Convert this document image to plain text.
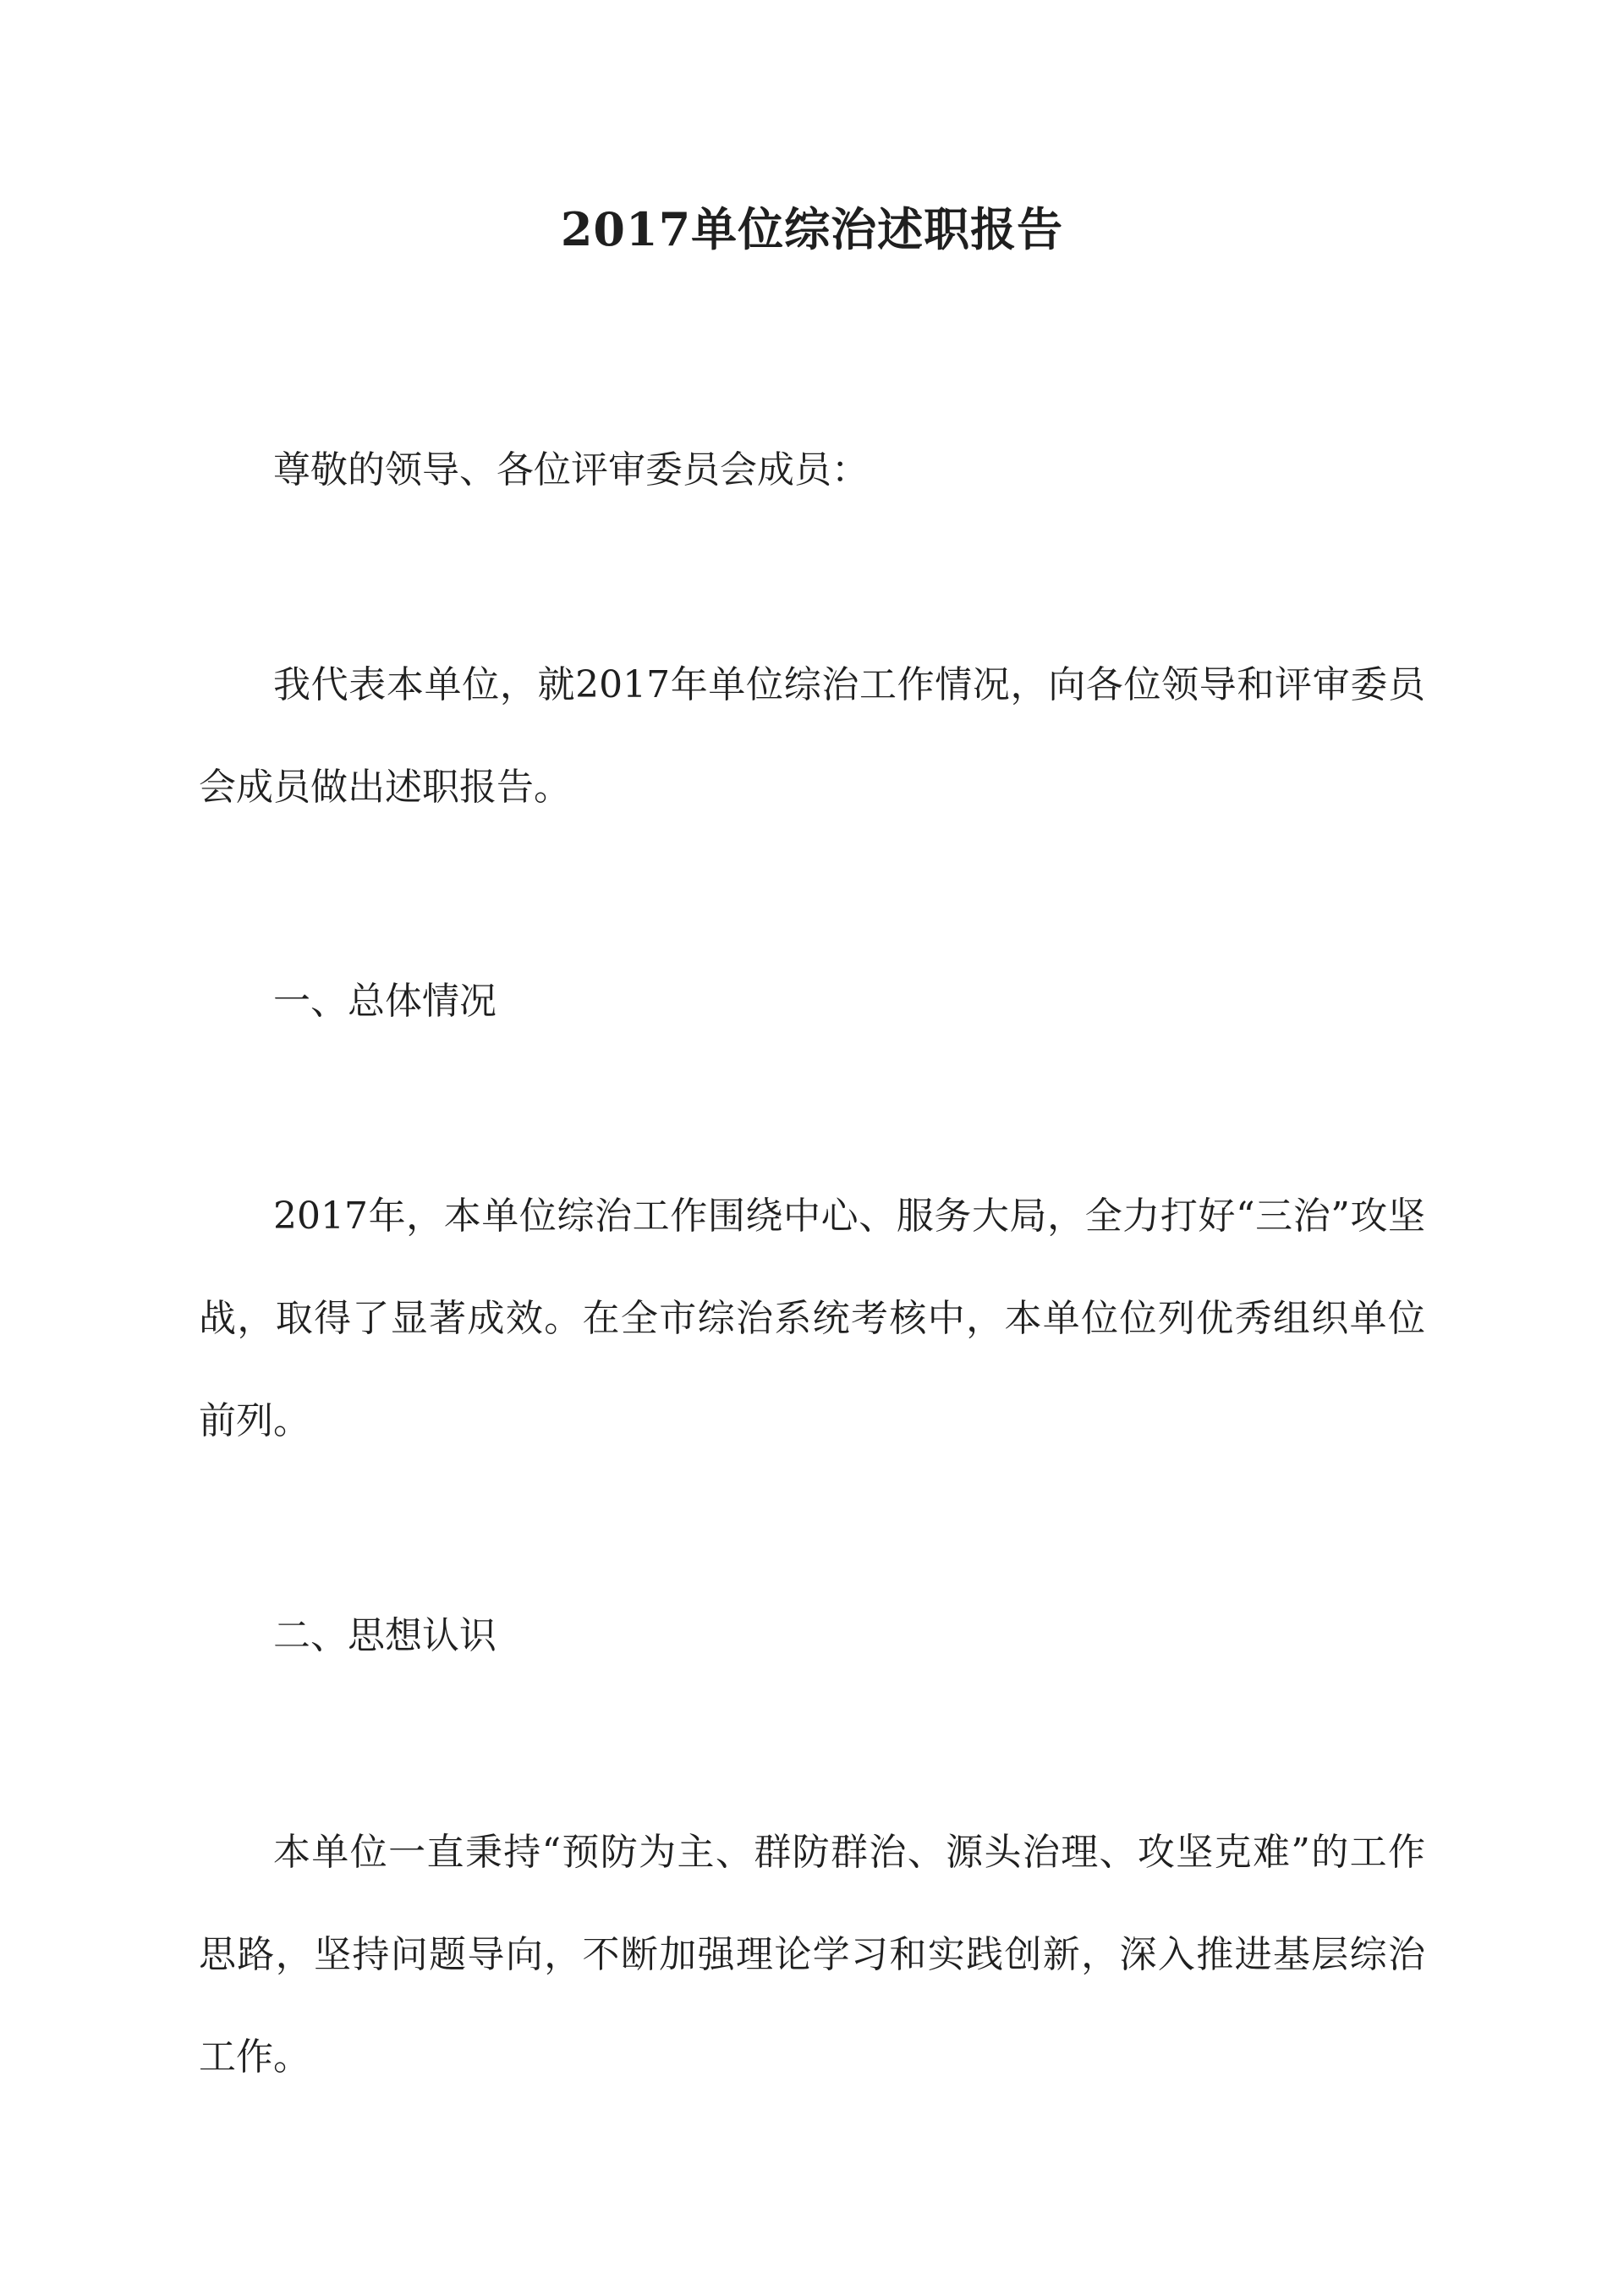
2017单位综治述职报告

尊敬的领导、各位评审委员会成员：

我代表本单位，就2017年单位综治工作情况，向各位领导和评审委员会成员做出述职报告。

一、总体情况

2017年，本单位综治工作围绕中心、服务大局，全力打好“三治”攻坚战，取得了显著成效。在全市综治系统考核中，本单位位列优秀组织单位前列。

二、思想认识

本单位一直秉持“预防为主、群防群治、源头治理、攻坚克难”的工作思路，坚持问题导向，不断加强理论学习和实践创新，深入推进基层综治工作。
